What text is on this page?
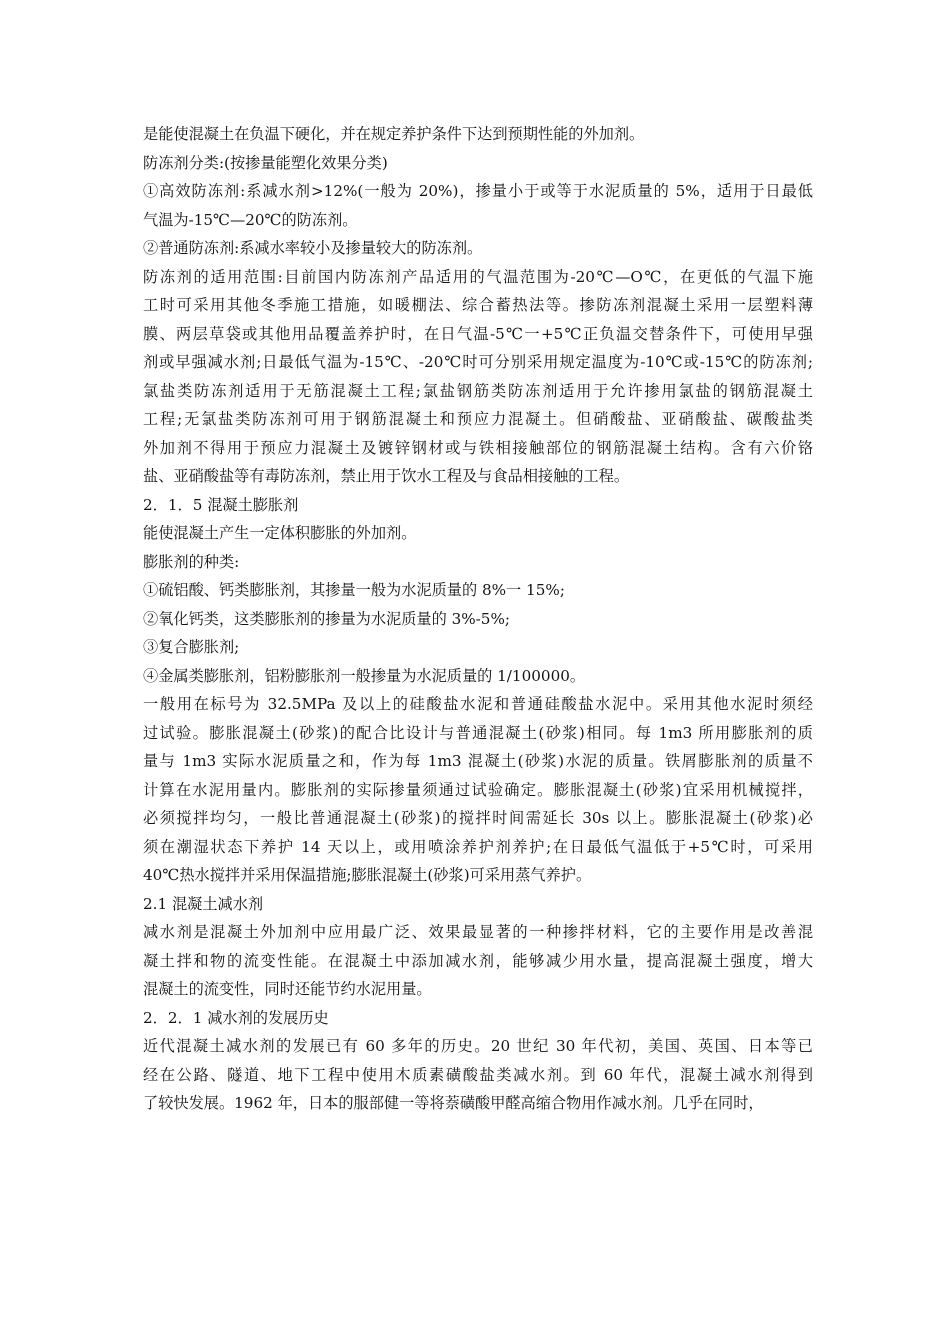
是能使混凝土在负温下硬化，并在规定养护条件下达到预期性能的外加剂。
防冻剂分类:(按掺量能塑化效果分类)
①高效防冻剂:系减水剂>12%(一般为 20%)，掺量小于或等于水泥质量的 5%，适用于日最低
气温为-15℃—20℃的防冻剂。
②普通防冻剂:系减水率较小及掺量较大的防冻剂。
防冻剂的适用范围:目前国内防冻剂产品适用的气温范围为-20℃—O℃，在更低的气温下施
工时可采用其他冬季施工措施，如暖棚法、综合蓄热法等。掺防冻剂混凝土采用一层塑料薄
膜、两层草袋或其他用品覆盖养护时，在日气温-5℃一+5℃正负温交替条件下，可使用早强
剂或早强减水剂;日最低气温为-15℃、-20℃时可分别采用规定温度为-10℃或-15℃的防冻剂;
氯盐类防冻剂适用于无筋混凝土工程;氯盐钢筋类防冻剂适用于允许掺用氯盐的钢筋混凝土
工程;无氯盐类防冻剂可用于钢筋混凝土和预应力混凝土。但硝酸盐、亚硝酸盐、碳酸盐类
外加剂不得用于预应力混凝土及镀锌钢材或与铁相接触部位的钢筋混凝土结构。含有六价铬
盐、亚硝酸盐等有毒防冻剂，禁止用于饮水工程及与食品相接触的工程。
2．1．5 混凝土膨胀剂
能使混凝土产生一定体积膨胀的外加剂。
膨胀剂的种类:
①硫铝酸、钙类膨胀剂，其掺量一般为水泥质量的 8%一 15%;
②氧化钙类，这类膨胀剂的掺量为水泥质量的 3%-5%;
③复合膨胀剂;
④金属类膨胀剂，铝粉膨胀剂一般掺量为水泥质量的 1/100000。
一般用在标号为 32.5MPa 及以上的硅酸盐水泥和普通硅酸盐水泥中。采用其他水泥时须经
过试验。膨胀混凝土(砂浆)的配合比设计与普通混凝土(砂浆)相同。每 1m3 所用膨胀剂的质
量与 1m3 实际水泥质量之和，作为每 1m3 混凝土(砂浆)水泥的质量。铁屑膨胀剂的质量不
计算在水泥用量内。膨胀剂的实际掺量须通过试验确定。膨胀混凝土(砂浆)宜采用机械搅拌，
必须搅拌均匀，一般比普通混凝土(砂浆)的搅拌时间需延长 30s 以上。膨胀混凝土(砂浆)必
须在潮湿状态下养护 14 天以上，或用喷涂养护剂养护;在日最低气温低于+5℃时，可采用
40℃热水搅拌并采用保温措施;膨胀混凝土(砂浆)可采用蒸气养护。
2.1 混凝土减水剂
减水剂是混凝土外加剂中应用最广泛、效果最显著的一种掺拌材料，它的主要作用是改善混
凝土拌和物的流变性能。在混凝土中添加减水剂，能够减少用水量，提高混凝土强度，增大
混凝土的流变性，同时还能节约水泥用量。
2．2．1 减水剂的发展历史
近代混凝土减水剂的发展已有 60 多年的历史。20 世纪 30 年代初，美国、英国、日本等已
经在公路、隧道、地下工程中使用木质素磺酸盐类减水剂。到 60 年代，混凝土减水剂得到
了较快发展。1962 年，日本的服部健一等将萘磺酸甲醛高缩合物用作减水剂。几乎在同时，
